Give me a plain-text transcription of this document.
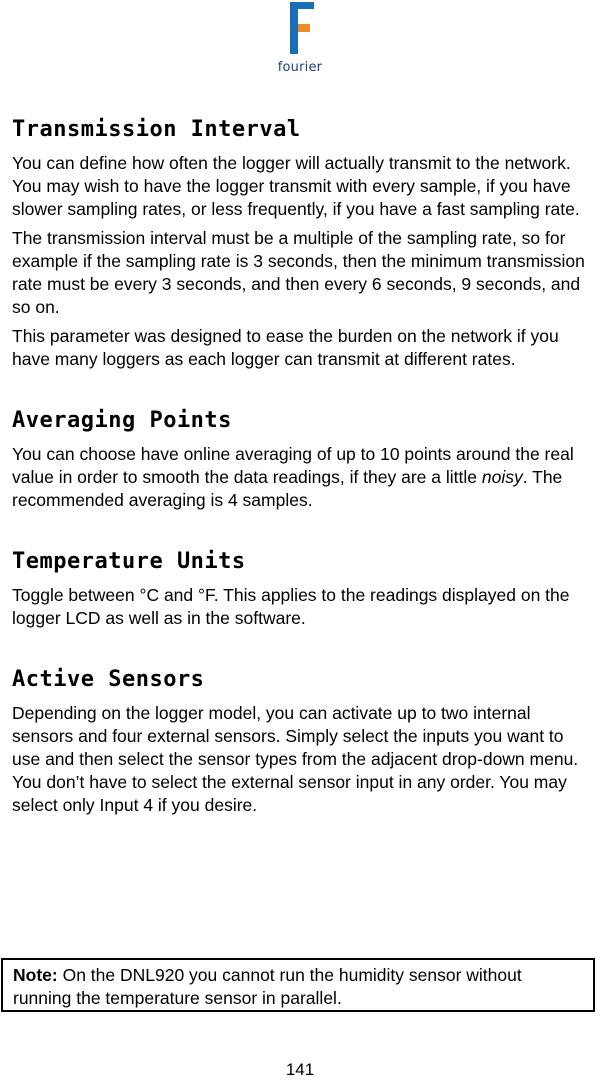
fourier
Transmission Interval

You can define how often the logger will actually transmit to the network. You may wish to have the logger transmit with every sample, if you have slower sampling rates, or less frequently, if you have a fast sampling rate.

The transmission interval must be a multiple of the sampling rate, so for example if the sampling rate is 3 seconds, then the minimum transmission rate must be every 3 seconds, and then every 6 seconds, 9 seconds, and so on.

This parameter was designed to ease the burden on the network if you have many loggers as each logger can transmit at different rates.

Averaging Points

You can choose have online averaging of up to 10 points around the real value in order to smooth the data readings, if they are a little noisy. The recommended averaging is 4 samples.

Temperature Units

Toggle between °C and °F. This applies to the readings displayed on the logger LCD as well as in the software.

Active Sensors

Depending on the logger model, you can activate up to two internal sensors and four external sensors. Simply select the inputs you want to use and then select the sensor types from the adjacent drop-down menu. You don’t have to select the external sensor input in any order. You may select only Input 4 if you desire.

Note: On the DNL920 you cannot run the humidity sensor without running the temperature sensor in parallel.
141
